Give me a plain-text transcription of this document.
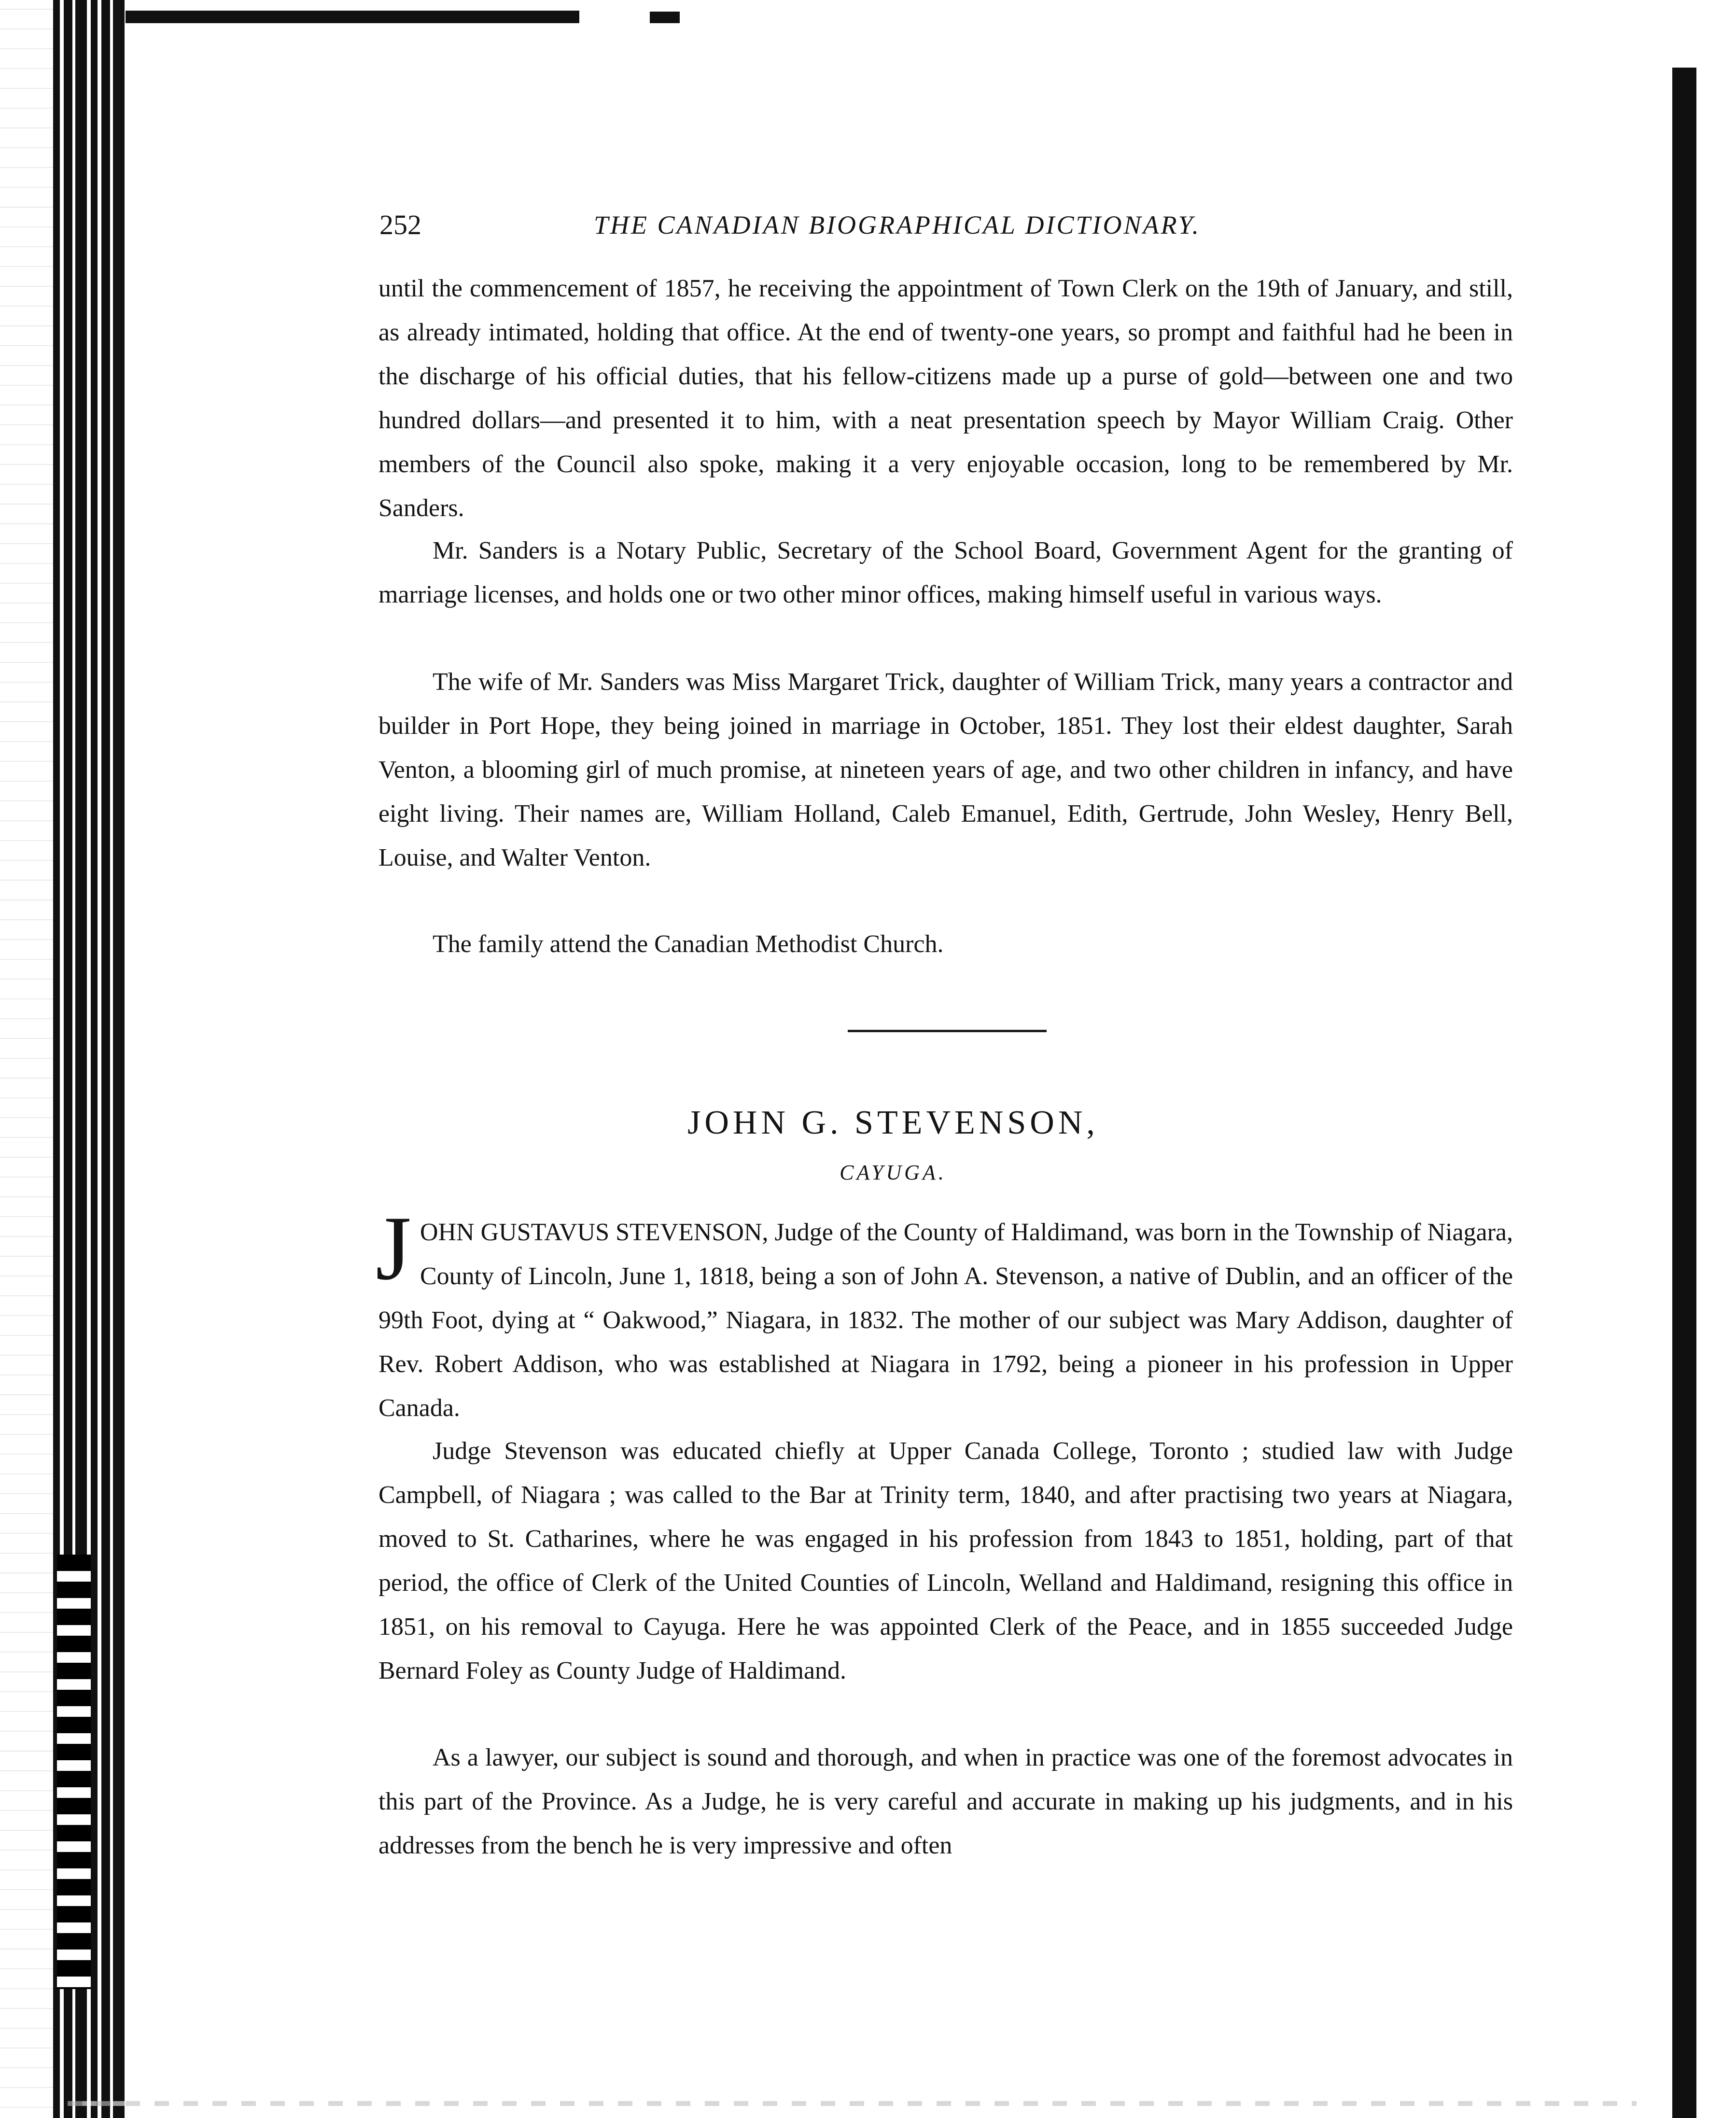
252	THE CANADIAN BIOGRAPHICAL DICTIONARY.

until the commencement of 1857, he receiving the appointment of Town Clerk on the 19th of January, and still, as already intimated, holding that office. At the end of twenty-one years, so prompt and faithful had he been in the discharge of his official duties, that his fellow-citizens made up a purse of gold—between one and two hundred dollars—and presented it to him, with a neat presentation speech by Mayor William Craig. Other members of the Council also spoke, making it a very enjoyable occasion, long to be remembered by Mr. Sanders.

Mr. Sanders is a Notary Public, Secretary of the School Board, Government Agent for the granting of marriage licenses, and holds one or two other minor offices, making himself useful in various ways.

The wife of Mr. Sanders was Miss Margaret Trick, daughter of William Trick, many years a contractor and builder in Port Hope, they being joined in marriage in October, 1851. They lost their eldest daughter, Sarah Venton, a blooming girl of much promise, at nineteen years of age, and two other children in infancy, and have eight living. Their names are, William Holland, Caleb Emanuel, Edith, Gertrude, John Wesley, Henry Bell, Louise, and Walter Venton.

The family attend the Canadian Methodist Church.

JOHN G. STEVENSON,

CAYUGA.

JOHN GUSTAVUS STEVENSON, Judge of the County of Haldimand, was born in the Township of Niagara, County of Lincoln, June 1, 1818, being a son of John A. Stevenson, a native of Dublin, and an officer of the 99th Foot, dying at “ Oakwood,” Niagara, in 1832. The mother of our subject was Mary Addison, daughter of Rev. Robert Addison, who was established at Niagara in 1792, being a pioneer in his profession in Upper Canada.

Judge Stevenson was educated chiefly at Upper Canada College, Toronto ; studied law with Judge Campbell, of Niagara ; was called to the Bar at Trinity term, 1840, and after practising two years at Niagara, moved to St. Catharines, where he was engaged in his profession from 1843 to 1851, holding, part of that period, the office of Clerk of the United Counties of Lincoln, Welland and Haldimand, resigning this office in 1851, on his removal to Cayuga. Here he was appointed Clerk of the Peace, and in 1855 succeeded Judge Bernard Foley as County Judge of Haldimand.

As a lawyer, our subject is sound and thorough, and when in practice was one of the foremost advocates in this part of the Province. As a Judge, he is very careful and accurate in making up his judgments, and in his addresses from the bench he is very impressive and often
